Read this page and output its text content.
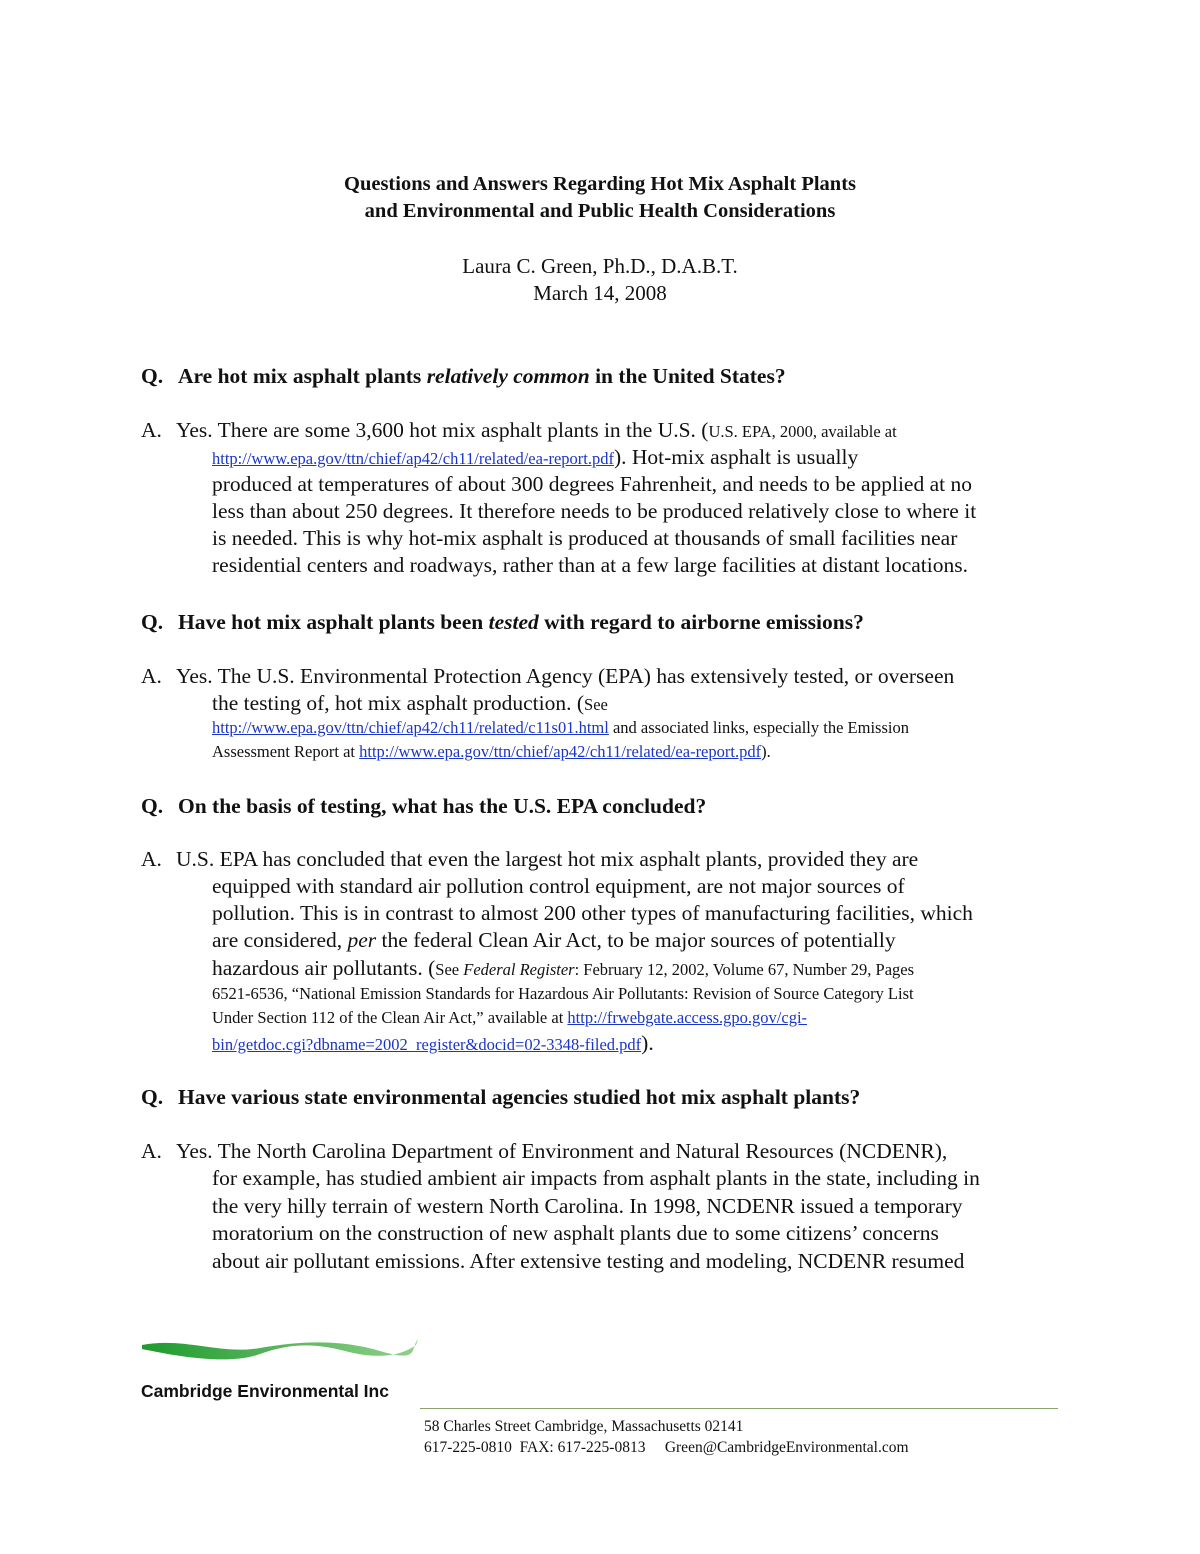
Questions and Answers Regarding Hot Mix Asphalt Plants
and Environmental and Public Health Considerations
Laura C. Green, Ph.D., D.A.B.T.
March 14, 2008
Q. Are hot mix asphalt plants relatively common in the United States?
A. Yes. There are some 3,600 hot mix asphalt plants in the U.S. (U.S. EPA, 2000, available at
http://www.epa.gov/ttn/chief/ap42/ch11/related/ea-report.pdf). Hot-mix asphalt is usually
produced at temperatures of about 300 degrees Fahrenheit, and needs to be applied at no
less than about 250 degrees. It therefore needs to be produced relatively close to where it
is needed. This is why hot-mix asphalt is produced at thousands of small facilities near
residential centers and roadways, rather than at a few large facilities at distant locations.
Q. Have hot mix asphalt plants been tested with regard to airborne emissions?
A. Yes. The U.S. Environmental Protection Agency (EPA) has extensively tested, or overseen
the testing of, hot mix asphalt production. (See
http://www.epa.gov/ttn/chief/ap42/ch11/related/c11s01.html and associated links, especially the Emission
Assessment Report at http://www.epa.gov/ttn/chief/ap42/ch11/related/ea-report.pdf).
Q. On the basis of testing, what has the U.S. EPA concluded?
A. U.S. EPA has concluded that even the largest hot mix asphalt plants, provided they are
equipped with standard air pollution control equipment, are not major sources of
pollution. This is in contrast to almost 200 other types of manufacturing facilities, which
are considered, per the federal Clean Air Act, to be major sources of potentially
hazardous air pollutants. (See Federal Register: February 12, 2002, Volume 67, Number 29, Pages
6521-6536, “National Emission Standards for Hazardous Air Pollutants: Revision of Source Category List
Under Section 112 of the Clean Air Act,” available at http://frwebgate.access.gpo.gov/cgi-
bin/getdoc.cgi?dbname=2002_register&docid=02-3348-filed.pdf).
Q. Have various state environmental agencies studied hot mix asphalt plants?
A. Yes. The North Carolina Department of Environment and Natural Resources (NCDENR),
for example, has studied ambient air impacts from asphalt plants in the state, including in
the very hilly terrain of western North Carolina. In 1998, NCDENR issued a temporary
moratorium on the construction of new asphalt plants due to some citizens’ concerns
about air pollutant emissions. After extensive testing and modeling, NCDENR resumed
Cambridge Environmental Inc
58 Charles Street Cambridge, Massachusetts 02141
617-225-0810 FAX: 617-225-0813 Green@CambridgeEnvironmental.com
